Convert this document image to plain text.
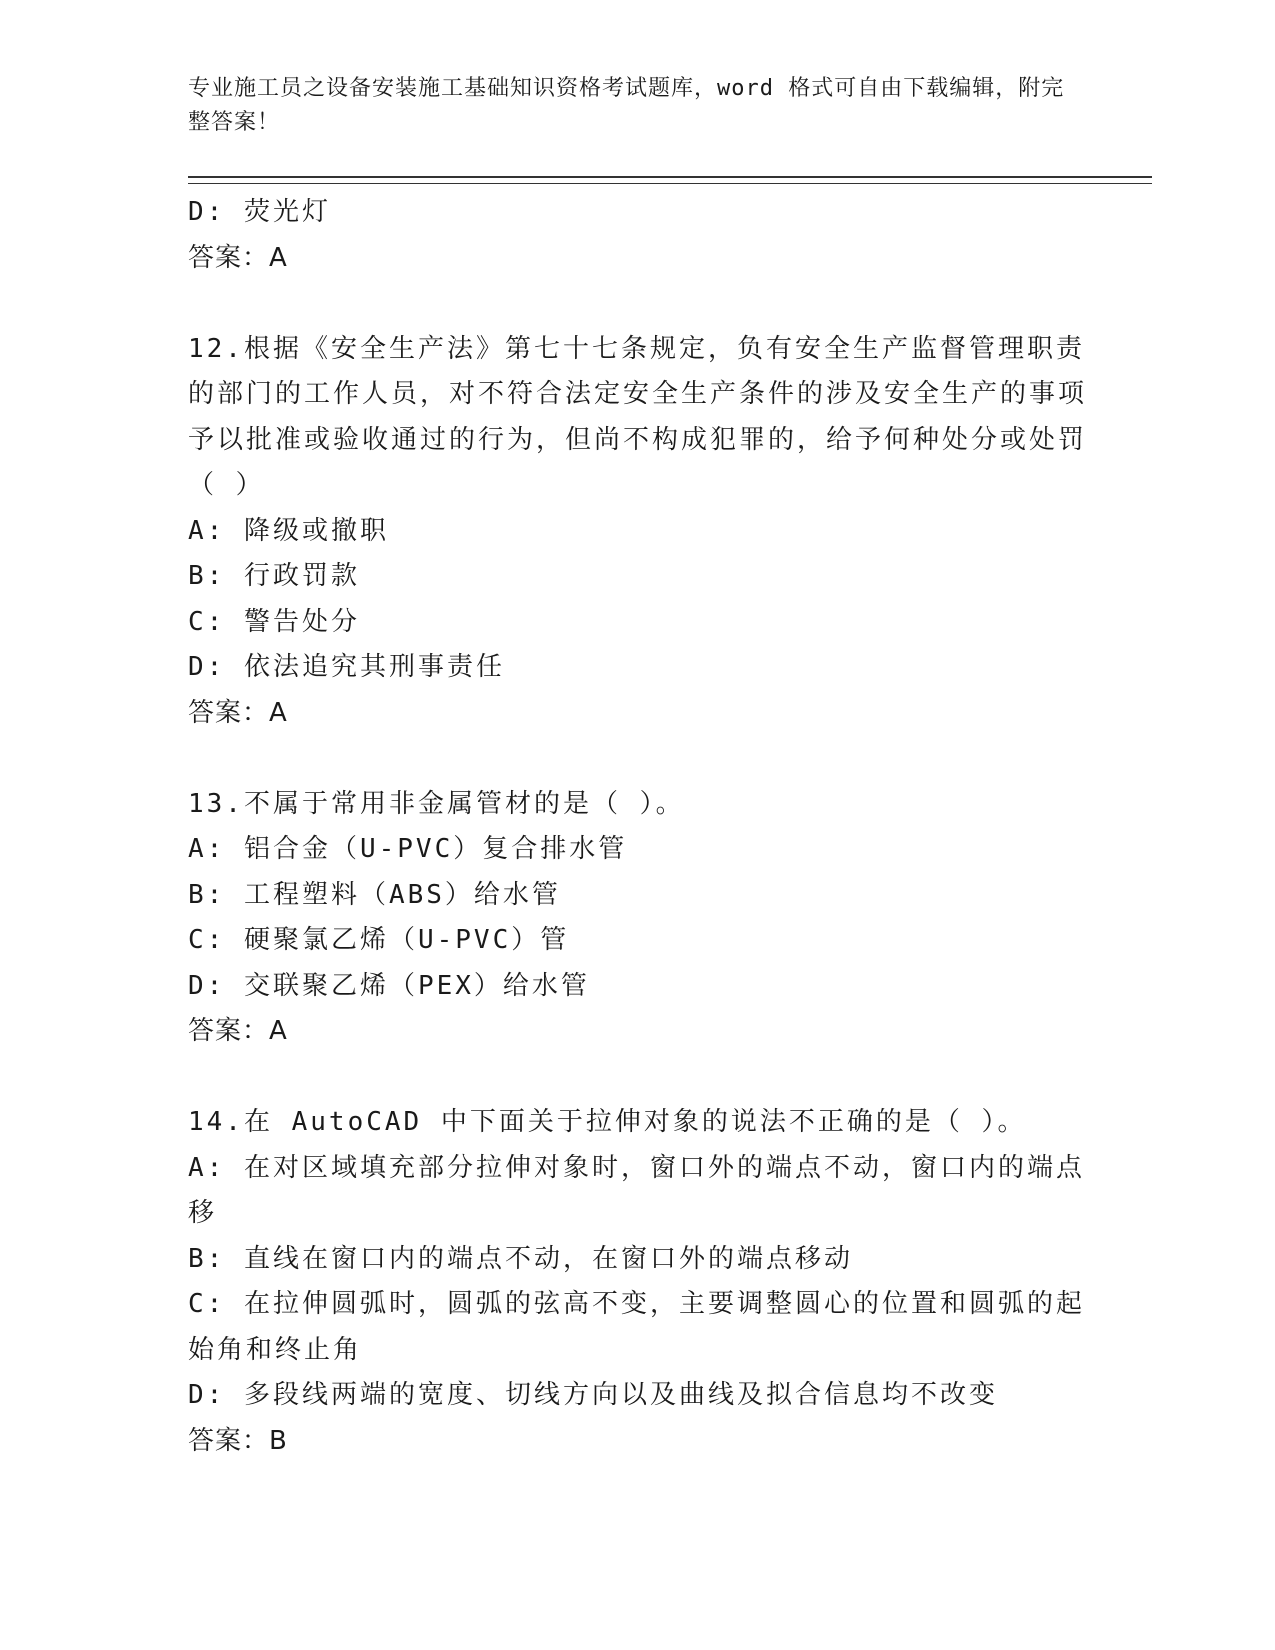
专业施工员之设备安装施工基础知识资格考试题库，word 格式可自由下载编辑，附完整答案！

D: 荧光灯

答案：A

12.根据《安全生产法》第七十七条规定，负有安全生产监督管理职责的部门的工作人员，对不符合法定安全生产条件的涉及安全生产的事项予以批准或验收通过的行为，但尚不构成犯罪的，给予何种处分或处罚（ ）

A: 降级或撤职

B: 行政罚款

C: 警告处分

D: 依法追究其刑事责任

答案：A

13.不属于常用非金属管材的是（ ）。

A: 铝合金（U-PVC）复合排水管

B: 工程塑料（ABS）给水管

C: 硬聚氯乙烯（U-PVC）管

D: 交联聚乙烯（PEX）给水管

答案：A

14.在 AutoCAD 中下面关于拉伸对象的说法不正确的是（ ）。

A: 在对区域填充部分拉伸对象时，窗口外的端点不动，窗口内的端点移

B: 直线在窗口内的端点不动，在窗口外的端点移动

C: 在拉伸圆弧时，圆弧的弦高不变，主要调整圆心的位置和圆弧的起始角和终止角

D: 多段线两端的宽度、切线方向以及曲线及拟合信息均不改变

答案：B
